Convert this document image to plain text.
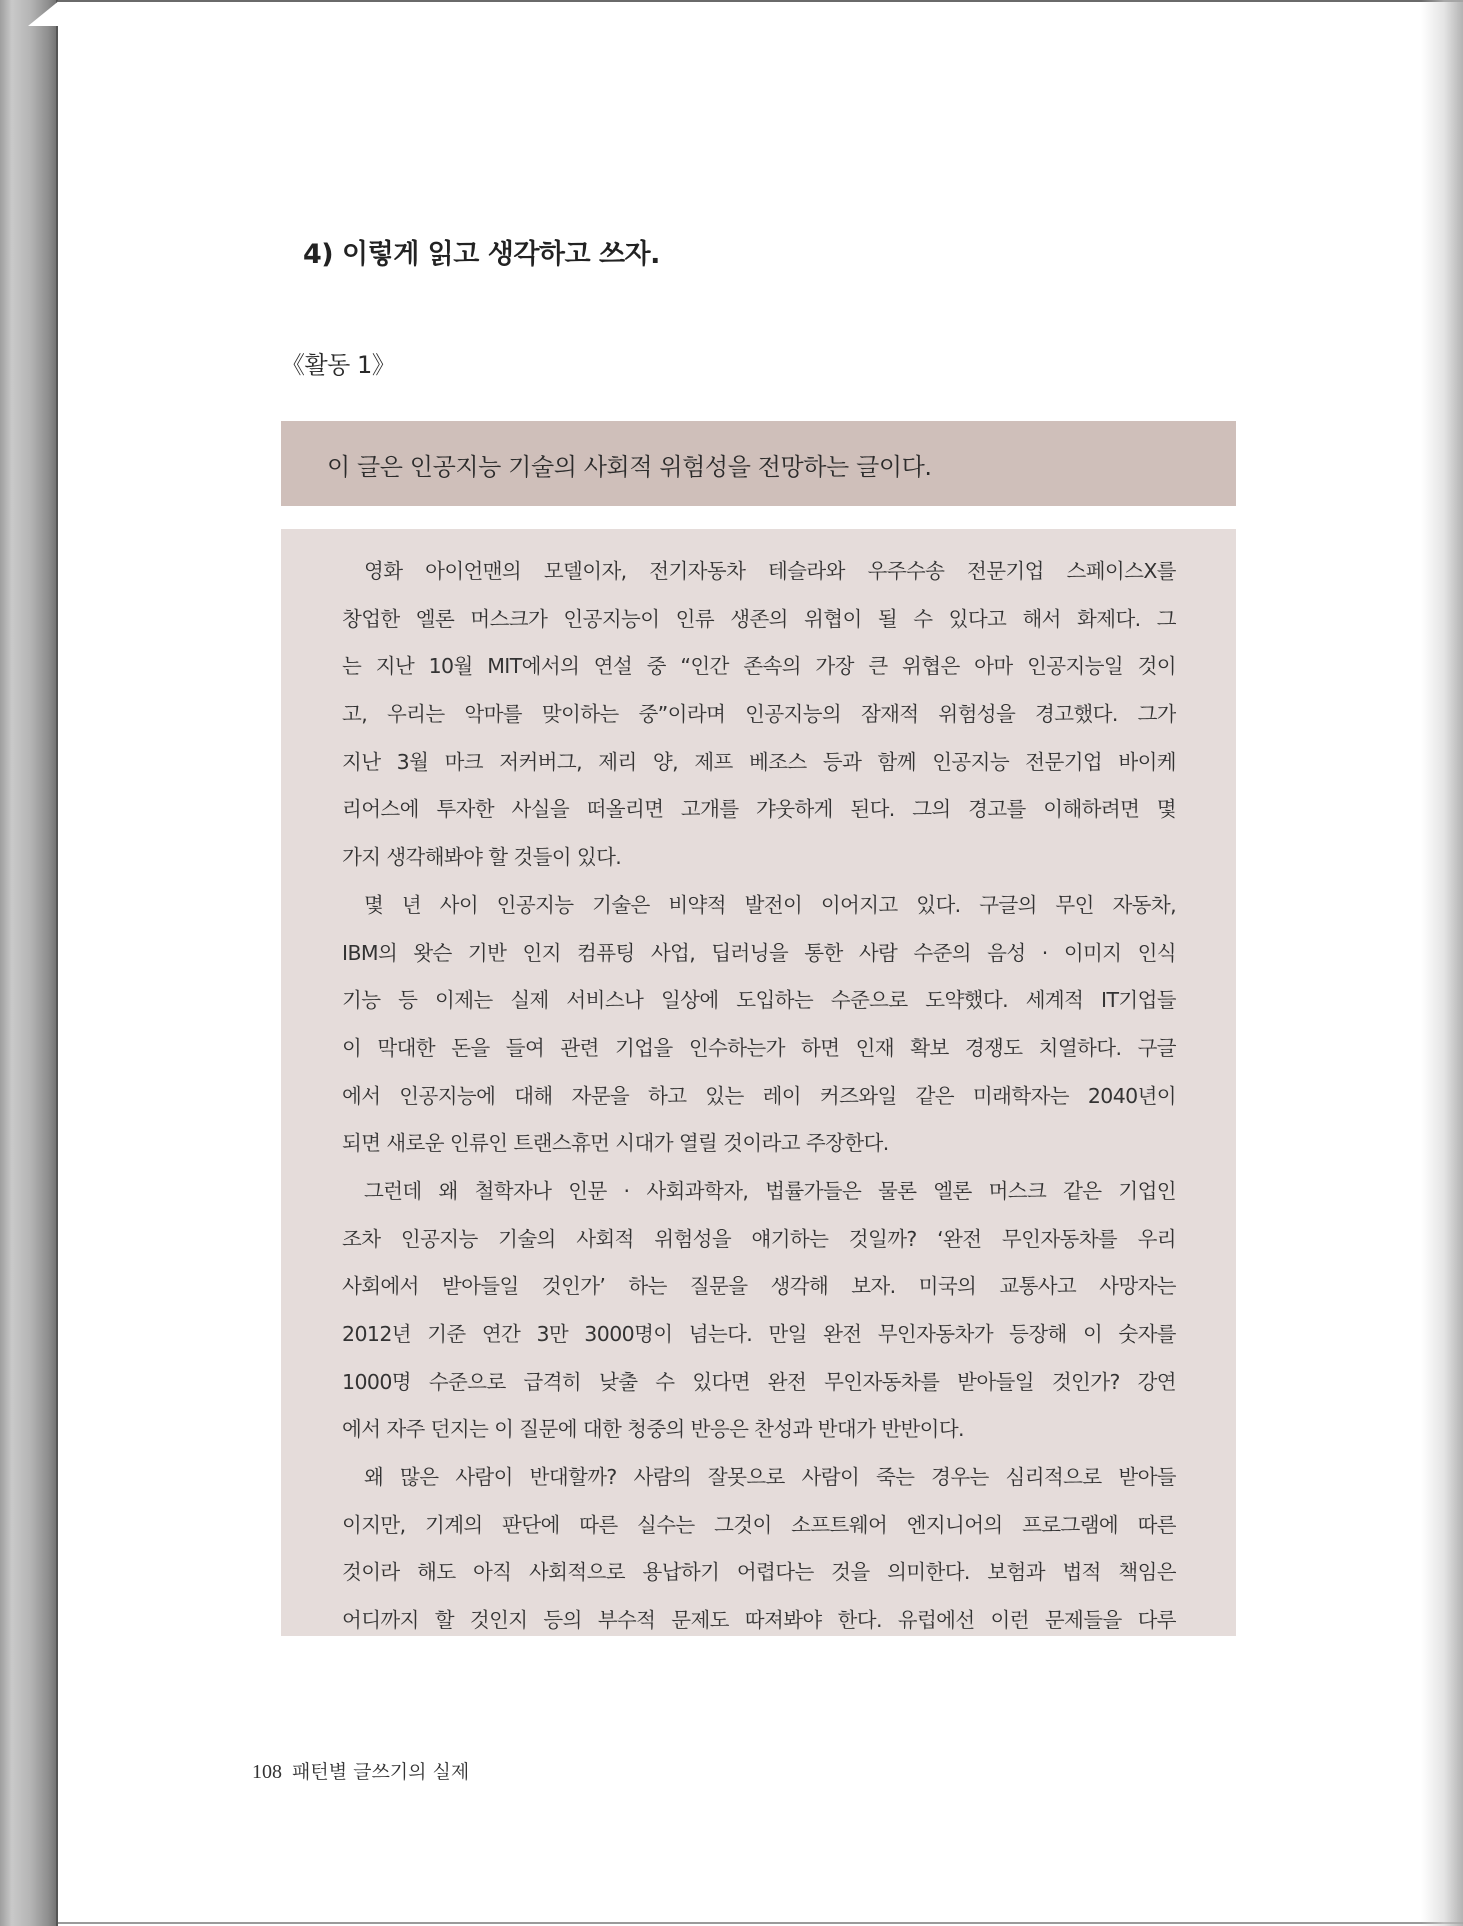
4) 이렇게 읽고 생각하고 쓰자.
《활동 1》
이 글은 인공지능 기술의 사회적 위험성을 전망하는 글이다.
영화 아이언맨의 모델이자, 전기자동차 테슬라와 우주수송 전문기업 스페이스X를
창업한 엘론 머스크가 인공지능이 인류 생존의 위협이 될 수 있다고 해서 화제다. 그
는 지난 10월 MIT에서의 연설 중 “인간 존속의 가장 큰 위협은 아마 인공지능일 것이
고, 우리는 악마를 맞이하는 중”이라며 인공지능의 잠재적 위험성을 경고했다. 그가
지난 3월 마크 저커버그, 제리 양, 제프 베조스 등과 함께 인공지능 전문기업 바이케
리어스에 투자한 사실을 떠올리면 고개를 갸웃하게 된다. 그의 경고를 이해하려면 몇
가지 생각해봐야 할 것들이 있다.
몇 년 사이 인공지능 기술은 비약적 발전이 이어지고 있다. 구글의 무인 자동차,
IBM의 왓슨 기반 인지 컴퓨팅 사업, 딥러닝을 통한 사람 수준의 음성 · 이미지 인식
기능 등 이제는 실제 서비스나 일상에 도입하는 수준으로 도약했다. 세계적 IT기업들
이 막대한 돈을 들여 관련 기업을 인수하는가 하면 인재 확보 경쟁도 치열하다. 구글
에서 인공지능에 대해 자문을 하고 있는 레이 커즈와일 같은 미래학자는 2040년이
되면 새로운 인류인 트랜스휴먼 시대가 열릴 것이라고 주장한다.
그런데 왜 철학자나 인문 · 사회과학자, 법률가들은 물론 엘론 머스크 같은 기업인
조차 인공지능 기술의 사회적 위험성을 얘기하는 것일까? ‘완전 무인자동차를 우리
사회에서 받아들일 것인가’ 하는 질문을 생각해 보자. 미국의 교통사고 사망자는
2012년 기준 연간 3만 3000명이 넘는다. 만일 완전 무인자동차가 등장해 이 숫자를
1000명 수준으로 급격히 낮출 수 있다면 완전 무인자동차를 받아들일 것인가? 강연
에서 자주 던지는 이 질문에 대한 청중의 반응은 찬성과 반대가 반반이다.
왜 많은 사람이 반대할까? 사람의 잘못으로 사람이 죽는 경우는 심리적으로 받아들
이지만, 기계의 판단에 따른 실수는 그것이 소프트웨어 엔지니어의 프로그램에 따른
것이라 해도 아직 사회적으로 용납하기 어렵다는 것을 의미한다. 보험과 법적 책임은
어디까지 할 것인지 등의 부수적 문제도 따져봐야 한다. 유럽에선 이런 문제들을 다루
108 패턴별 글쓰기의 실제
